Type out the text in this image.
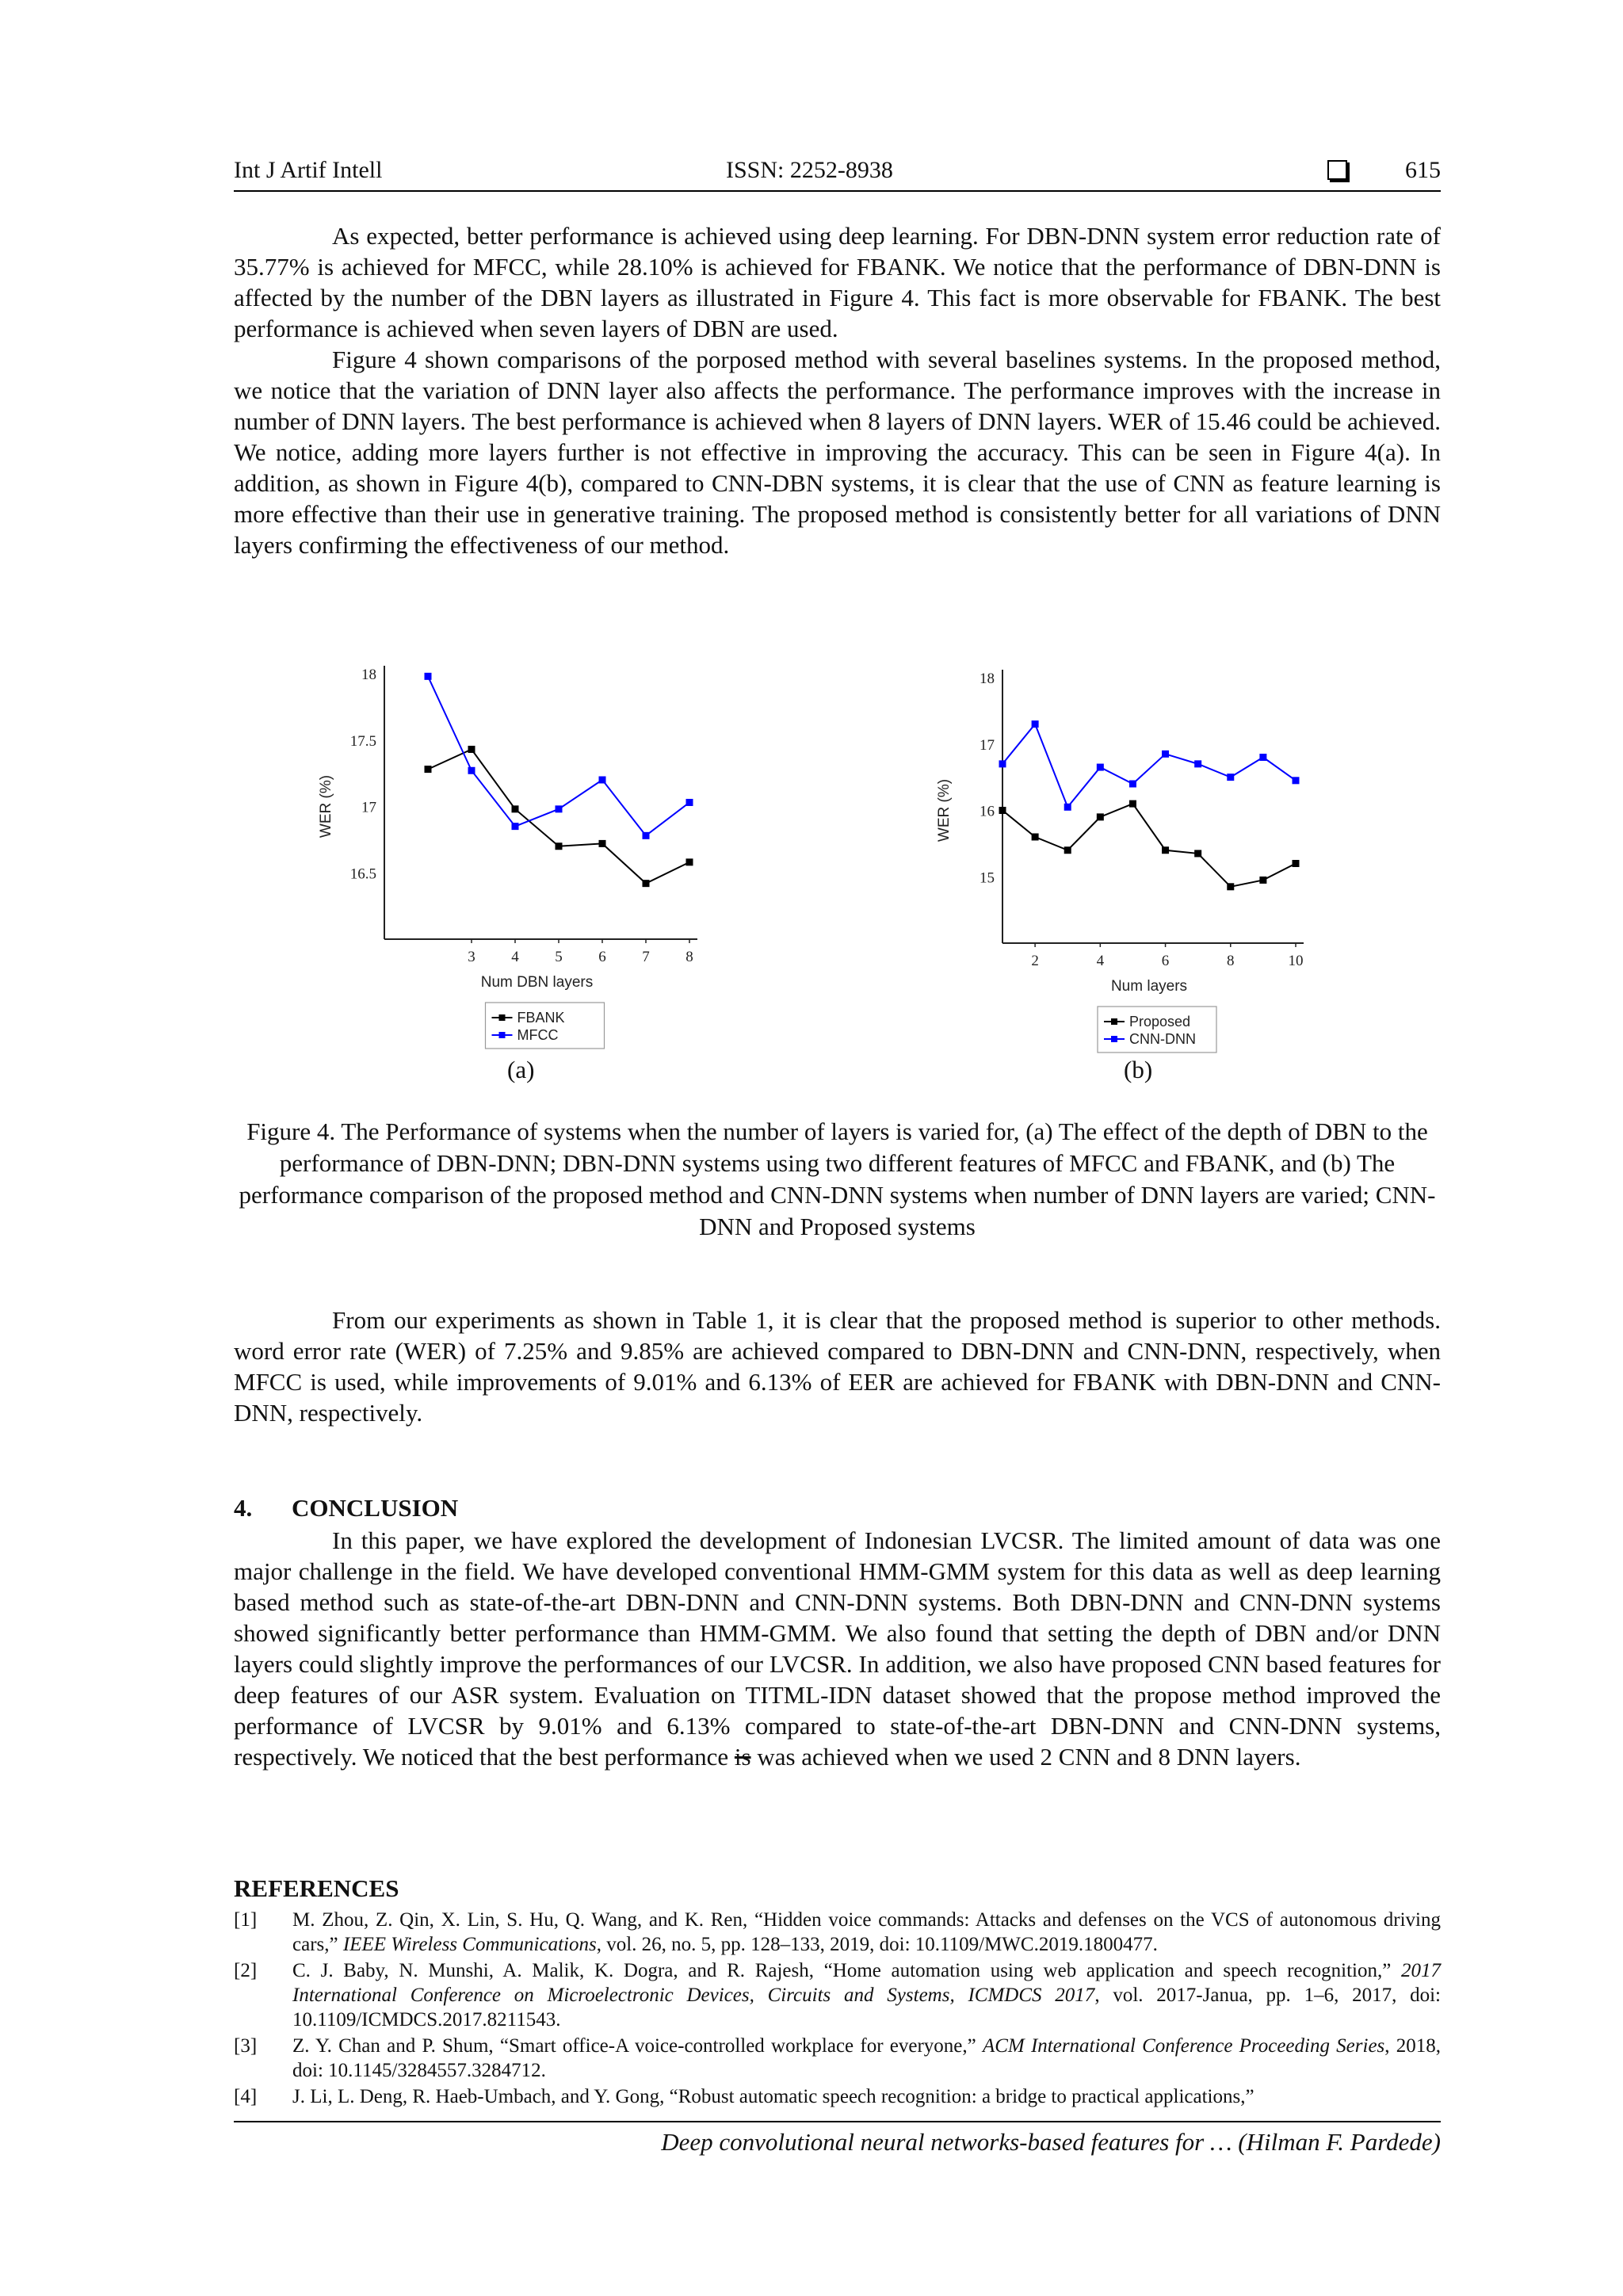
Int J Artif Intell	ISSN: 2252-8938	615
As expected, better performance is achieved using deep learning. For DBN-DNN system error reduction rate of 35.77% is achieved for MFCC, while 28.10% is achieved for FBANK. We notice that the performance of DBN-DNN is affected by the number of the DBN layers as illustrated in Figure 4. This fact is more observable for FBANK. The best performance is achieved when seven layers of DBN are used.
Figure 4 shown comparisons of the porposed method with several baselines systems. In the proposed method, we notice that the variation of DNN layer also affects the performance. The performance improves with the increase in number of DNN layers. The best performance is achieved when 8 layers of DNN layers. WER of 15.46 could be achieved. We notice, adding more layers further is not effective in improving the accuracy. This can be seen in Figure 4(a). In addition, as shown in Figure 4(b), compared to CNN-DBN systems, it is clear that the use of CNN as feature learning is more effective than their use in generative training. The proposed method is consistently better for all variations of DNN layers confirming the effectiveness of our method.
16.5
17
17.5
18
3 4 5 6 7 8
Num DBN layers
WER (%)
FBANK
MFCC
15
16
17
18
2	4	6	8	10
Num layers
WER (%)
Proposed
CNN-DNN
(a)	(b)
Figure 4. The Performance of systems when the number of layers is varied for, (a) The effect of the depth of DBN to the performance of DBN-DNN; DBN-DNN systems using two different features of MFCC and FBANK, and (b) The performance comparison of the proposed method and CNN-DNN systems when number of DNN layers are varied; CNN-DNN and Proposed systems
From our experiments as shown in Table 1, it is clear that the proposed method is superior to other methods. word error rate (WER) of 7.25% and 9.85% are achieved compared to DBN-DNN and CNN-DNN, respectively, when MFCC is used, while improvements of 9.01% and 6.13% of EER are achieved for FBANK with DBN-DNN and CNN-DNN, respectively.
4. CONCLUSION
In this paper, we have explored the development of Indonesian LVCSR. The limited amount of data was one major challenge in the field. We have developed conventional HMM-GMM system for this data as well as deep learning based method such as state-of-the-art DBN-DNN and CNN-DNN systems. Both DBN-DNN and CNN-DNN systems showed significantly better performance than HMM-GMM. We also found that setting the depth of DBN and/or DNN layers could slightly improve the performances of our LVCSR. In addition, we also have proposed CNN based features for deep features of our ASR system. Evaluation on TITML-IDN dataset showed that the propose method improved the performance of LVCSR by 9.01% and 6.13% compared to state-of-the-art DBN-DNN and CNN-DNN systems, respectively. We noticed that the best performance is was achieved when we used 2 CNN and 8 DNN layers.
REFERENCES
[1]	M. Zhou, Z. Qin, X. Lin, S. Hu, Q. Wang, and K. Ren, “Hidden voice commands: Attacks and defenses on the VCS of autonomous driving cars,” IEEE Wireless Communications, vol. 26, no. 5, pp. 128–133, 2019, doi: 10.1109/MWC.2019.1800477.
[2]	C. J. Baby, N. Munshi, A. Malik, K. Dogra, and R. Rajesh, “Home automation using web application and speech recognition,” 2017 International Conference on Microelectronic Devices, Circuits and Systems, ICMDCS 2017, vol. 2017-Janua, pp. 1–6, 2017, doi: 10.1109/ICMDCS.2017.8211543.
[3]	Z. Y. Chan and P. Shum, “Smart office-A voice-controlled workplace for everyone,” ACM International Conference Proceeding Series, 2018, doi: 10.1145/3284557.3284712.
[4]	J. Li, L. Deng, R. Haeb-Umbach, and Y. Gong, “Robust automatic speech recognition: a bridge to practical applications,”
Deep convolutional neural networks-based features for … (Hilman F. Pardede)
